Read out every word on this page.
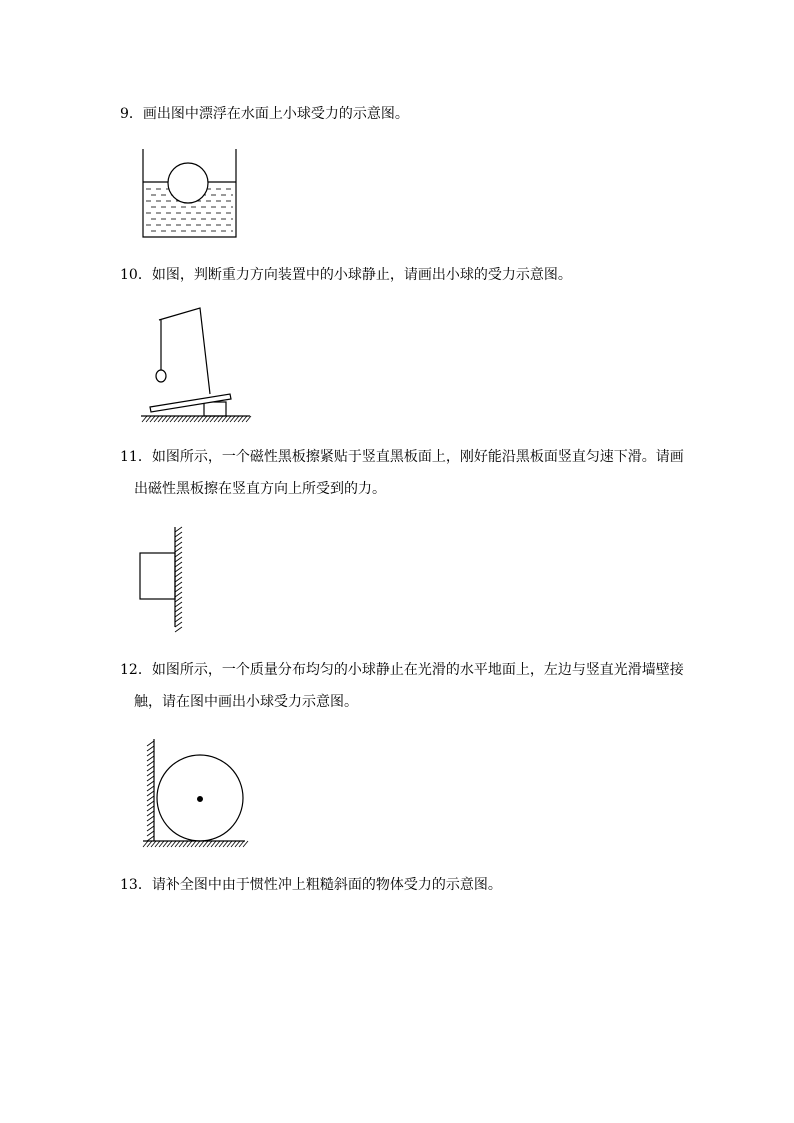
9．画出图中漂浮在水面上小球受力的示意图。
10．如图，判断重力方向装置中的小球静止，请画出小球的受力示意图。
11．如图所示，一个磁性黑板擦紧贴于竖直黑板面上，刚好能沿黑板面竖直匀速下滑。请画
出磁性黑板擦在竖直方向上所受到的力。
12．如图所示，一个质量分布均匀的小球静止在光滑的水平地面上，左边与竖直光滑墙壁接
触，请在图中画出小球受力示意图。
13．请补全图中由于惯性冲上粗糙斜面的物体受力的示意图。
